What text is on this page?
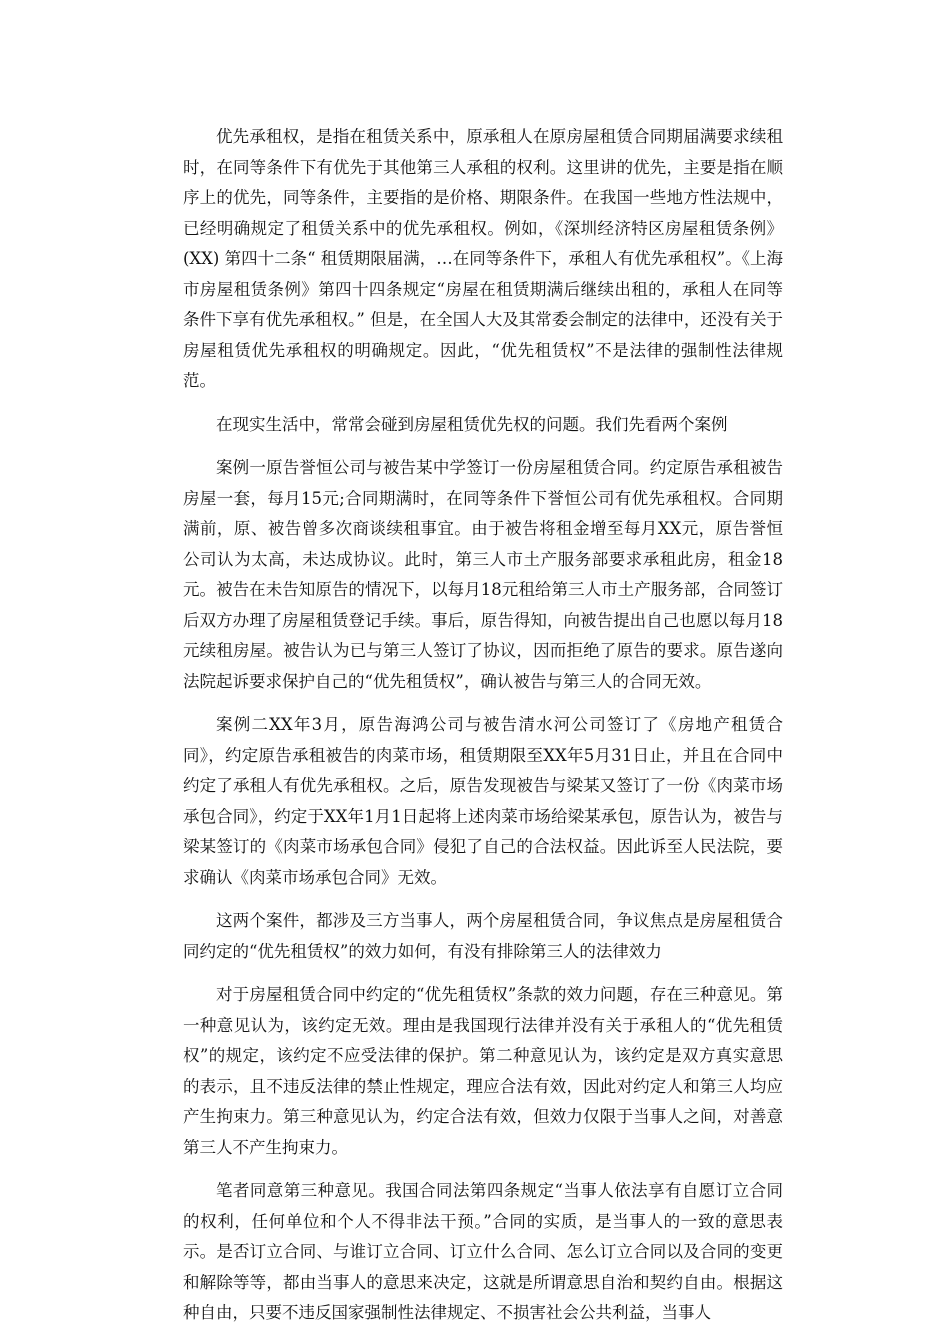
优先承租权，是指在租赁关系中，原承租人在原房屋租赁合同期届满要求续租时，在同等条件下有优先于其他第三人承租的权利。这里讲的优先，主要是指在顺序上的优先，同等条件，主要指的是价格、期限条件。在我国一些地方性法规中，已经明确规定了租赁关系中的优先承租权。例如，《深圳经济特区房屋租赁条例》(XX) 第四十二条“ 租赁期限届满，…在同等条件下，承租人有优先承租权”。《上海市房屋租赁条例》第四十四条规定“房屋在租赁期满后继续出租的，承租人在同等条件下享有优先承租权。” 但是，在全国人大及其常委会制定的法律中，还没有关于房屋租赁优先承租权的明确规定。因此，“优先租赁权”不是法律的强制性法律规范。

在现实生活中，常常会碰到房屋租赁优先权的问题。我们先看两个案例

案例一原告誉恒公司与被告某中学签订一份房屋租赁合同。约定原告承租被告房屋一套，每月15元;合同期满时，在同等条件下誉恒公司有优先承租权。合同期满前，原、被告曾多次商谈续租事宜。由于被告将租金增至每月XX元，原告誉恒公司认为太高，未达成协议。此时，第三人市土产服务部要求承租此房，租金18元。被告在未告知原告的情况下，以每月18元租给第三人市土产服务部，合同签订后双方办理了房屋租赁登记手续。事后，原告得知，向被告提出自己也愿以每月18元续租房屋。被告认为已与第三人签订了协议，因而拒绝了原告的要求。原告遂向法院起诉要求保护自己的“优先租赁权”，确认被告与第三人的合同无效。

案例二XX年3月，原告海鸿公司与被告清水河公司签订了《房地产租赁合同》，约定原告承租被告的肉菜市场，租赁期限至XX年5月31日止，并且在合同中约定了承租人有优先承租权。之后，原告发现被告与梁某又签订了一份《肉菜市场承包合同》，约定于XX年1月1日起将上述肉菜市场给梁某承包，原告认为，被告与梁某签订的《肉菜市场承包合同》侵犯了自己的合法权益。因此诉至人民法院，要求确认《肉菜市场承包合同》无效。

这两个案件，都涉及三方当事人，两个房屋租赁合同，争议焦点是房屋租赁合同约定的“优先租赁权”的效力如何，有没有排除第三人的法律效力

对于房屋租赁合同中约定的“优先租赁权”条款的效力问题，存在三种意见。第一种意见认为，该约定无效。理由是我国现行法律并没有关于承租人的“优先租赁权”的规定，该约定不应受法律的保护。第二种意见认为，该约定是双方真实意思的表示，且不违反法律的禁止性规定，理应合法有效，因此对约定人和第三人均应产生拘束力。第三种意见认为，约定合法有效，但效力仅限于当事人之间，对善意第三人不产生拘束力。

笔者同意第三种意见。我国合同法第四条规定“当事人依法享有自愿订立合同的权利，任何单位和个人不得非法干预。”合同的实质，是当事人的一致的意思表示。是否订立合同、与谁订立合同、订立什么合同、怎么订立合同以及合同的变更和解除等等，都由当事人的意思来决定，这就是所谓意思自治和契约自由。根据这种自由，只要不违反国家强制性法律规定、不损害社会公共利益，当事人
